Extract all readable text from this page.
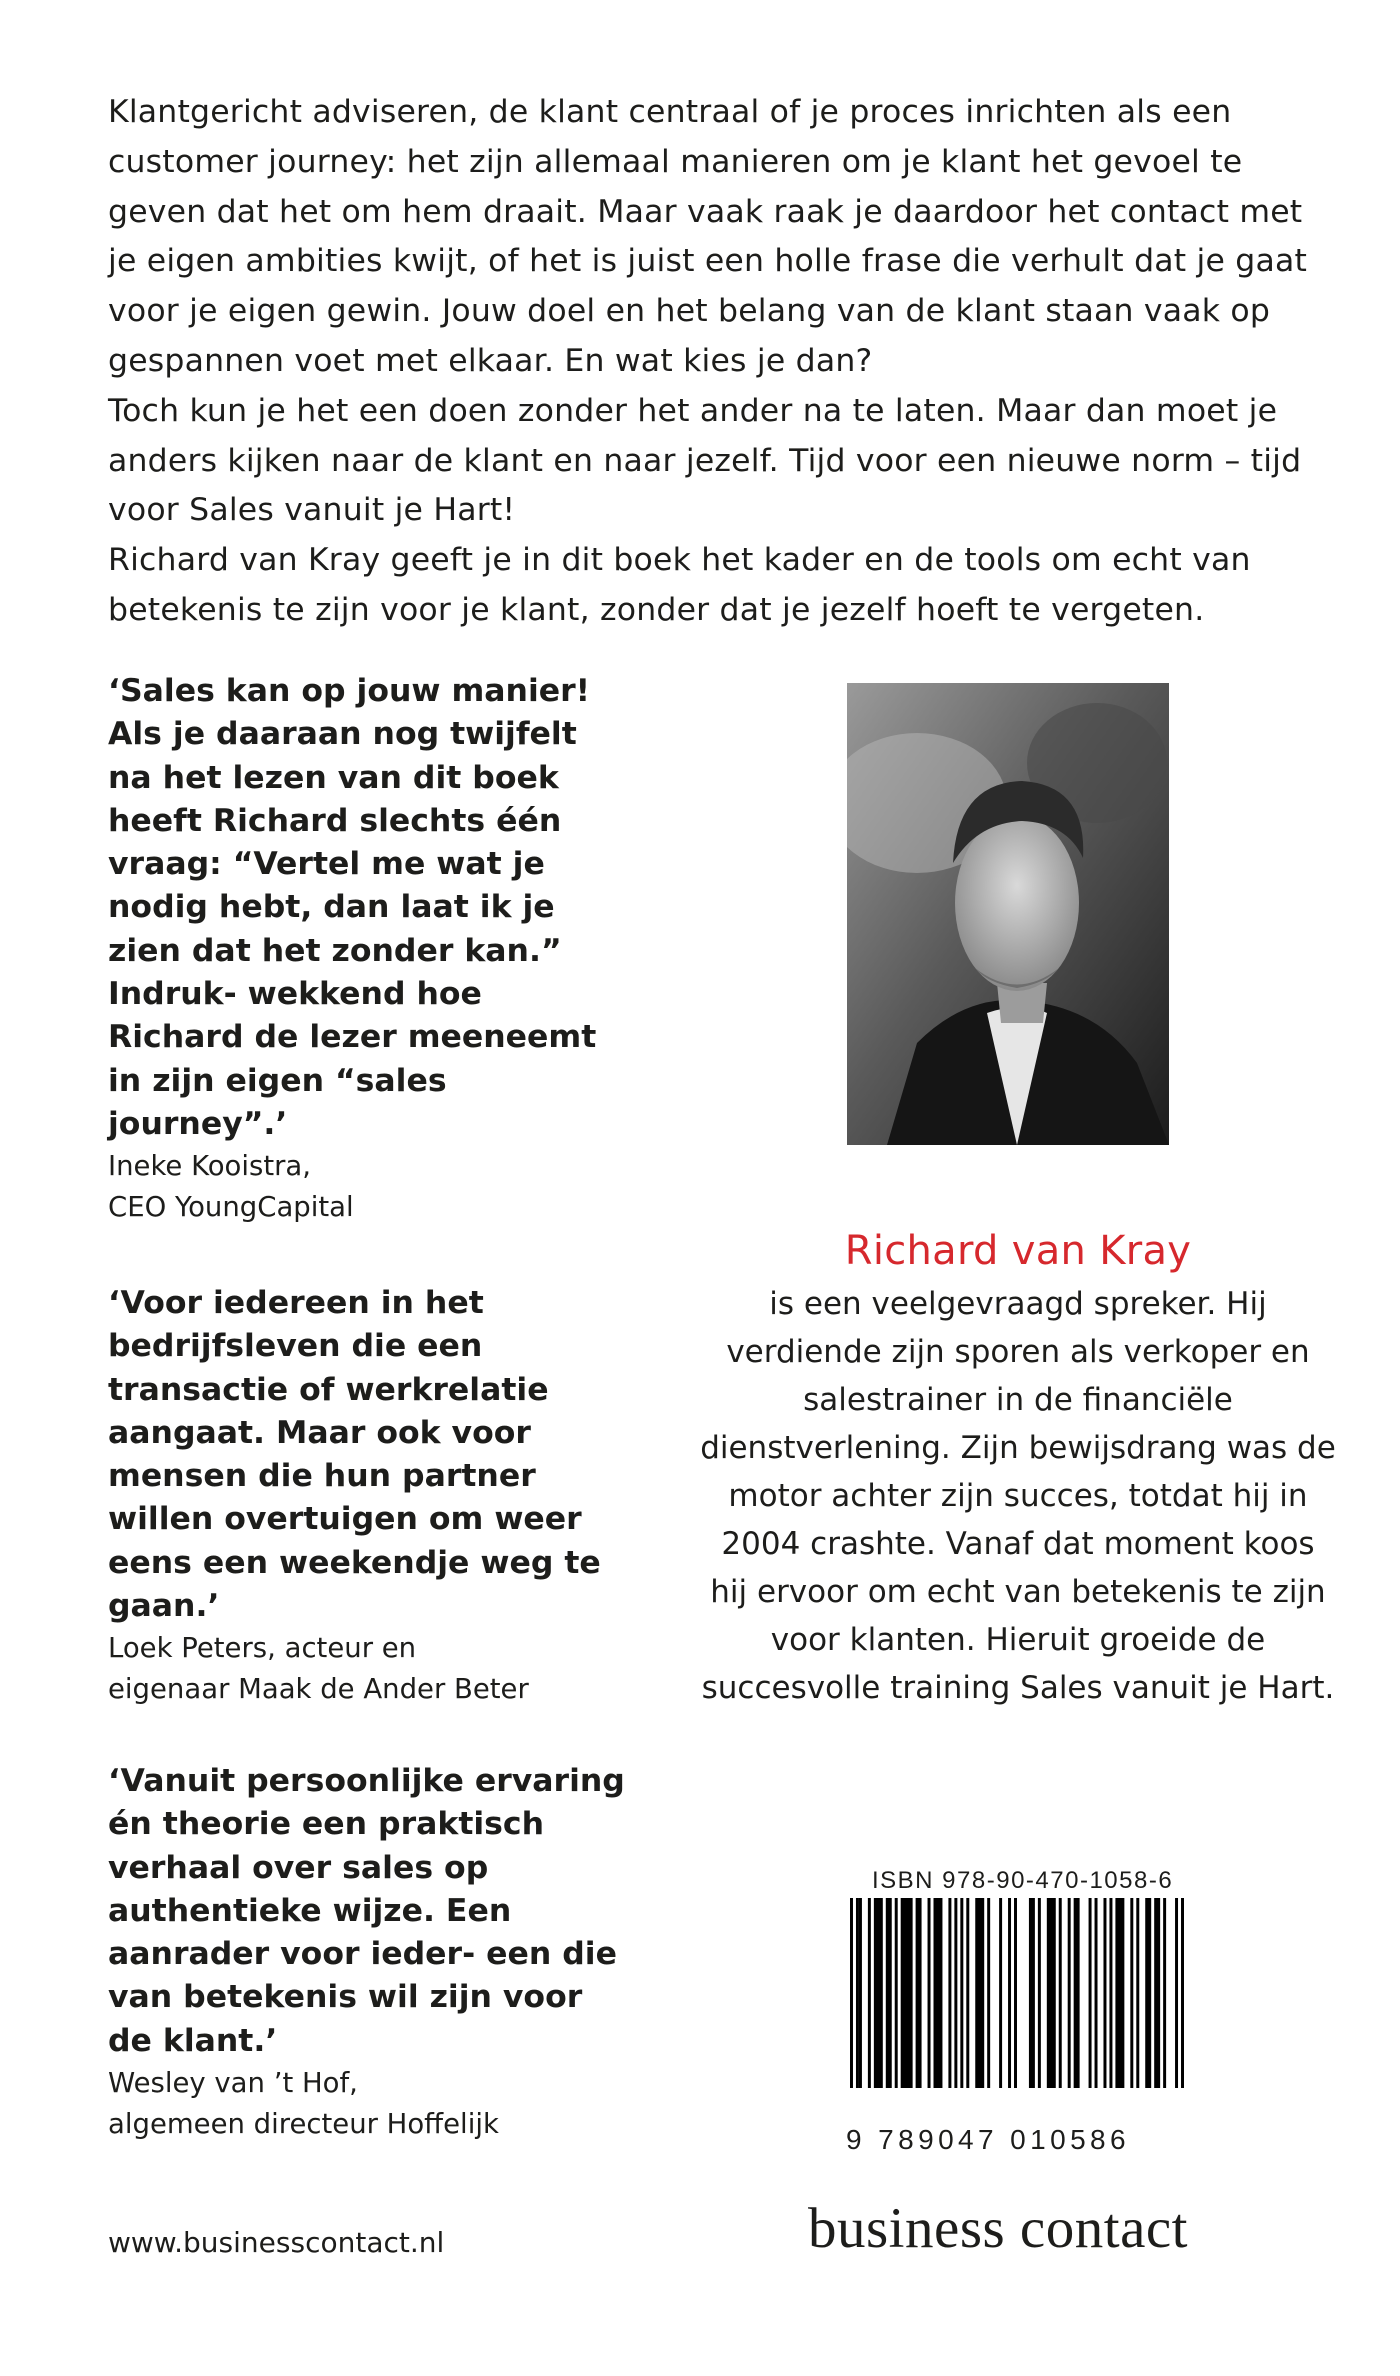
Klantgericht adviseren, de klant centraal of je proces inrichten als een customer journey: het zijn allemaal manieren om je klant het gevoel te geven dat het om hem draait. Maar vaak raak je daardoor het contact met je eigen ambities kwijt, of het is juist een holle frase die verhult dat je gaat voor je eigen gewin. Jouw doel en het belang van de klant staan vaak op gespannen voet met elkaar. En wat kies je dan?

Toch kun je het een doen zonder het ander na te laten. Maar dan moet je anders kijken naar de klant en naar jezelf. Tijd voor een nieuwe norm – tijd voor Sales vanuit je Hart!

Richard van Kray geeft je in dit boek het kader en de tools om echt van betekenis te zijn voor je klant, zonder dat je jezelf hoeft te vergeten.

‘Sales kan op jouw manier! Als je daaraan nog twijfelt na het lezen van dit boek heeft Richard slechts één vraag: “Vertel me wat je nodig hebt, dan laat ik je zien dat het zonder kan.” Indruk- wekkend hoe Richard de lezer meeneemt in zijn eigen “sales journey”.’

Ineke Kooistra,

CEO YoungCapital

‘Voor iedereen in het bedrijfsleven die een transactie of werkrelatie aangaat. Maar ook voor mensen die hun partner willen overtuigen om weer eens een weekendje weg te gaan.’

Loek Peters, acteur en

eigenaar Maak de Ander Beter

‘Vanuit persoonlijke ervaring én theorie een praktisch verhaal over sales op authentieke wijze. Een aanrader voor ieder- een die van betekenis wil zijn voor de klant.’

Wesley van ’t Hof,

algemeen directeur Hoffelijk

Richard van Kray

is een veelgevraagd spreker. Hij verdiende zijn sporen als verkoper en salestrainer in de financiële dienstverlening. Zijn bewijsdrang was de motor achter zijn succes, totdat hij in 2004 crashte. Vanaf dat moment koos hij ervoor om echt van betekenis te zijn voor klanten. Hieruit groeide de succesvolle training Sales vanuit je Hart.

ISBN 978-90-470-1058-6
9 789047 010586
www.businesscontact.nl	business contact
